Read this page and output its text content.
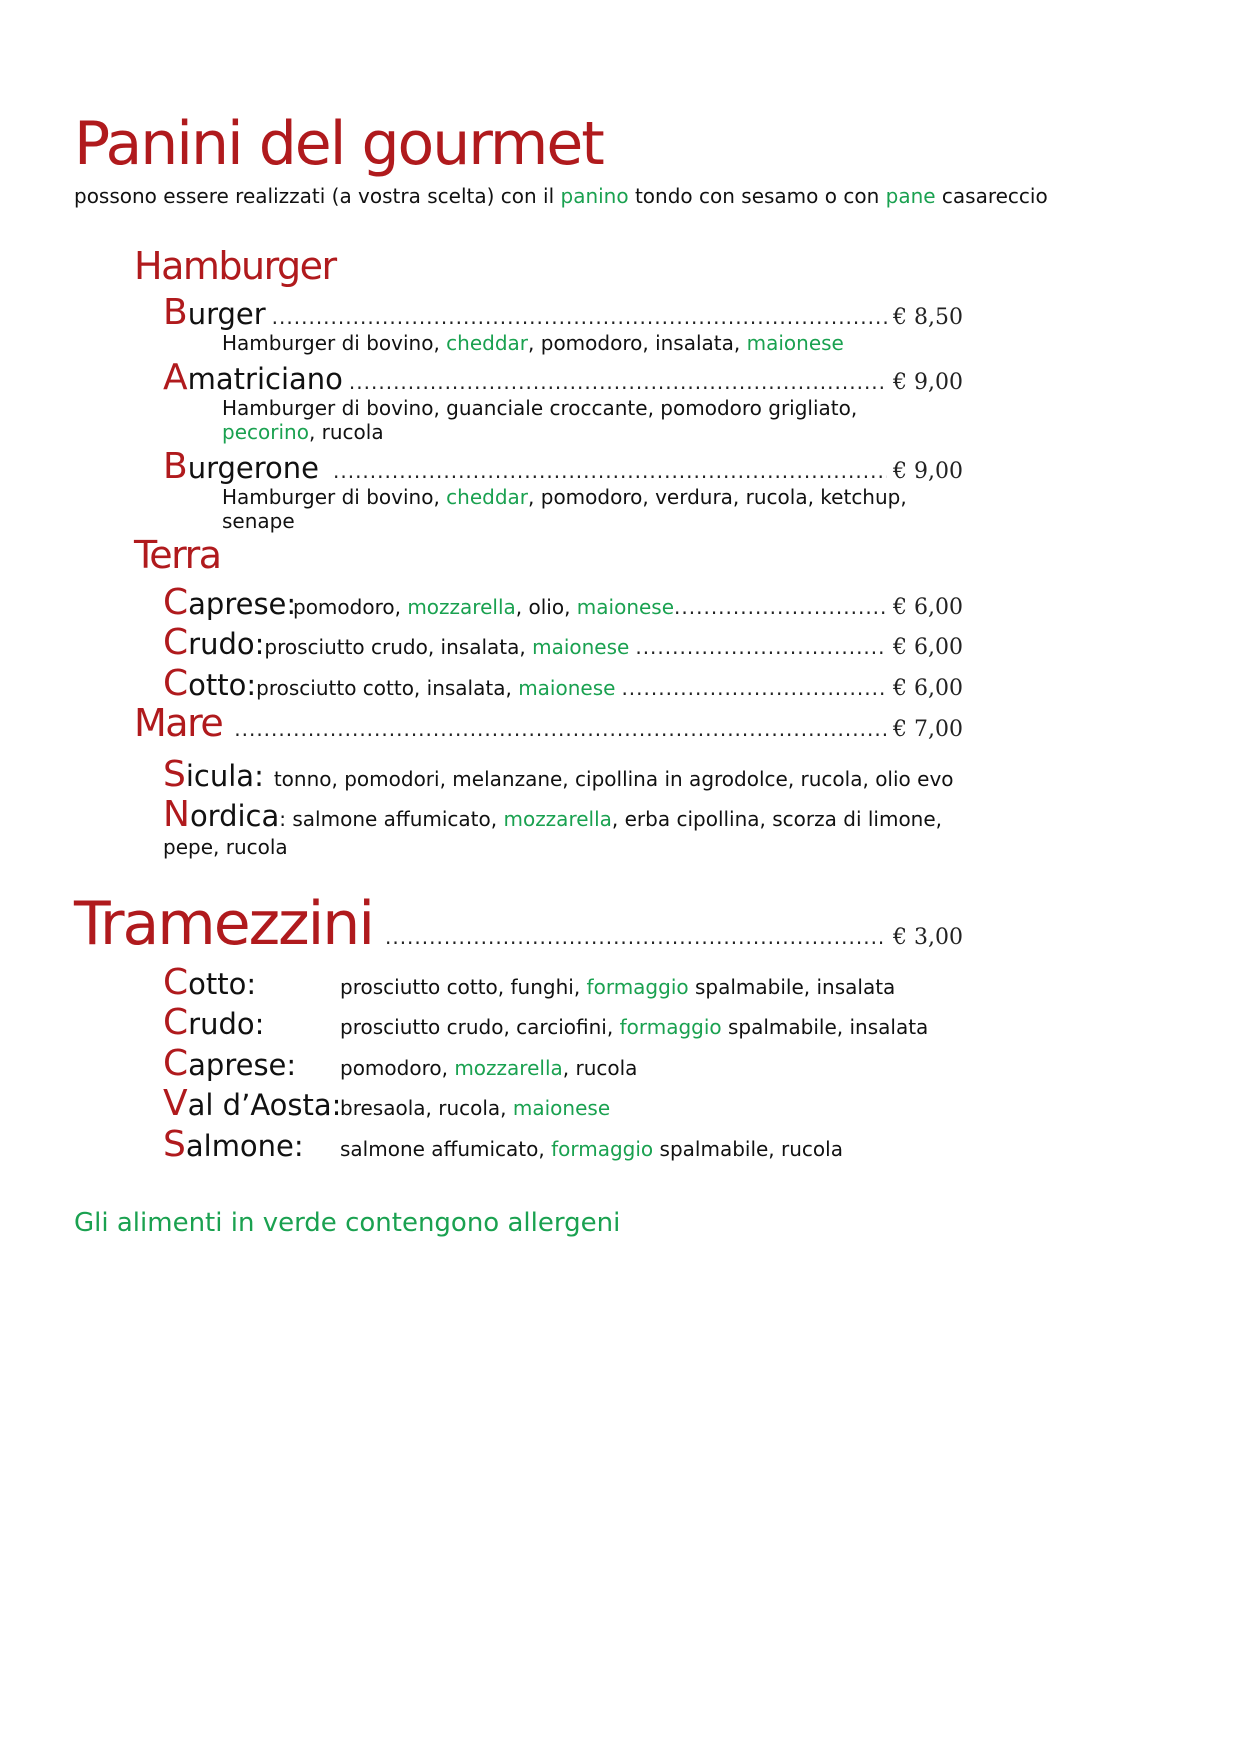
Panini del gourmet
possono essere realizzati (a vostra scelta) con il panino tondo con sesamo o con pane casareccio
Hamburger
Burger .....	€ 8,50
Hamburger di bovino, cheddar, pomodoro, insalata, maionese
Amatriciano .....	€ 9,00
Hamburger di bovino, guanciale croccante, pomodoro grigliato,
pecorino, rucola
Burgerone .....	€ 9,00
Hamburger di bovino, cheddar, pomodoro, verdura, rucola, ketchup,
senape
Terra
Caprese:
pomodoro, mozzarella, olio, maionese .....	€ 6,00
Crudo: prosciutto crudo, insalata, maionese .....	€ 6,00
Cotto: prosciutto cotto, insalata, maionese .....	€ 6,00
Mare .....	€ 7,00
Sicula: tonno, pomodori, melanzane, cipollina in agrodolce, rucola, olio evo
Nordica : salmone affumicato, mozzarella, erba cipollina, scorza di limone,
pepe, rucola
Tramezzini .....	€ 3,00
Cotto:	prosciutto cotto, funghi, formaggio spalmabile, insalata
Crudo:	prosciutto crudo, carciofini, formaggio spalmabile, insalata
Caprese:	pomodoro, mozzarella, rucola
Val d’Aosta:
bresaola, rucola, maionese
Salmone:	salmone affumicato, formaggio spalmabile, rucola
Gli alimenti in verde contengono allergeni
